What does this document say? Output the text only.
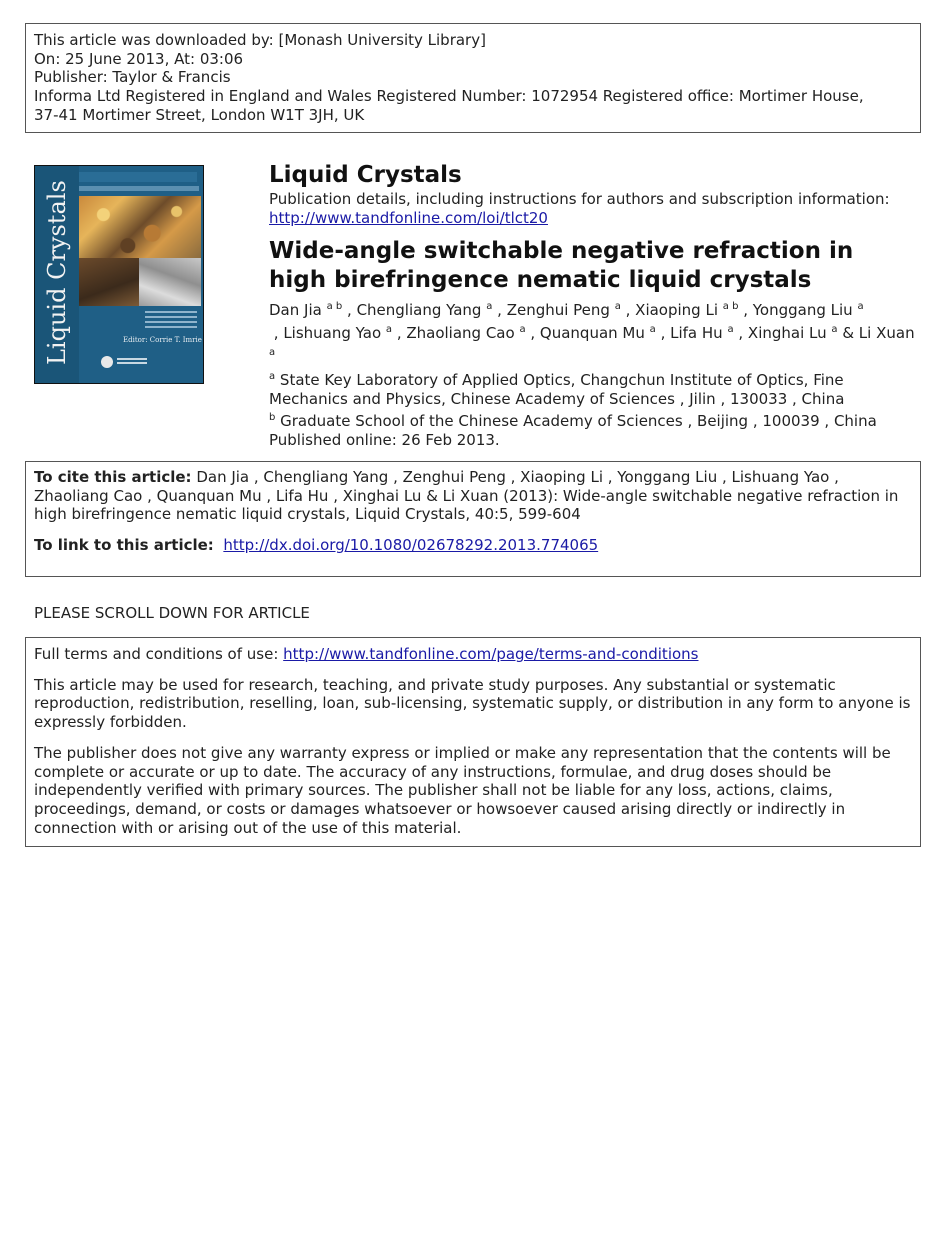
This article was downloaded by: [Monash University Library]

On: 25 June 2013, At: 03:06

Publisher: Taylor & Francis

Informa Ltd Registered in England and Wales Registered Number: 1072954 Registered office: Mortimer House,

37-41 Mortimer Street, London W1T 3JH, UK

Liquid Crystals	Editor: Corrie T. Imrie
Liquid Crystals

Publication details, including instructions for authors and subscription information:

http://www.tandfonline.com/loi/tlct20

Wide-angle switchable negative refraction in high birefringence nematic liquid crystals
Dan Jia $^{a b}$ , Chengliang Yang $^a$ , Zenghui Peng $^a$ , Xiaoping Li $^{a b}$ , Yonggang Liu $^a$ , Lishuang Yao $^a$ , Zhaoliang Cao $^a$ , Quanquan Mu $^a$ , Lifa Hu $^a$ , Xinghai Lu $^a$ & Li Xuan $^a$
$^a$ State Key Laboratory of Applied Optics, Changchun Institute of Optics, Fine Mechanics and Physics, Chinese Academy of Sciences , Jilin , 130033 , China
$^b$ Graduate School of the Chinese Academy of Sciences , Beijing , 100039 , China

Published online: 26 Feb 2013.

To cite this article: Dan Jia , Chengliang Yang , Zenghui Peng , Xiaoping Li , Yonggang Liu , Lishuang Yao , Zhaoliang Cao , Quanquan Mu , Lifa Hu , Xinghai Lu & Li Xuan (2013): Wide-angle switchable negative refraction in high birefringence nematic liquid crystals, Liquid Crystals, 40:5, 599-604

To link to this article: http://dx.doi.org/10.1080/02678292.2013.774065

PLEASE SCROLL DOWN FOR ARTICLE

Full terms and conditions of use: http://www.tandfonline.com/page/terms-and-conditions

This article may be used for research, teaching, and private study purposes. Any substantial or systematic reproduction, redistribution, reselling, loan, sub-licensing, systematic supply, or distribution in any form to anyone is expressly forbidden.

The publisher does not give any warranty express or implied or make any representation that the contents will be complete or accurate or up to date. The accuracy of any instructions, formulae, and drug doses should be independently verified with primary sources. The publisher shall not be liable for any loss, actions, claims, proceedings, demand, or costs or damages whatsoever or howsoever caused arising directly or indirectly in connection with or arising out of the use of this material.
